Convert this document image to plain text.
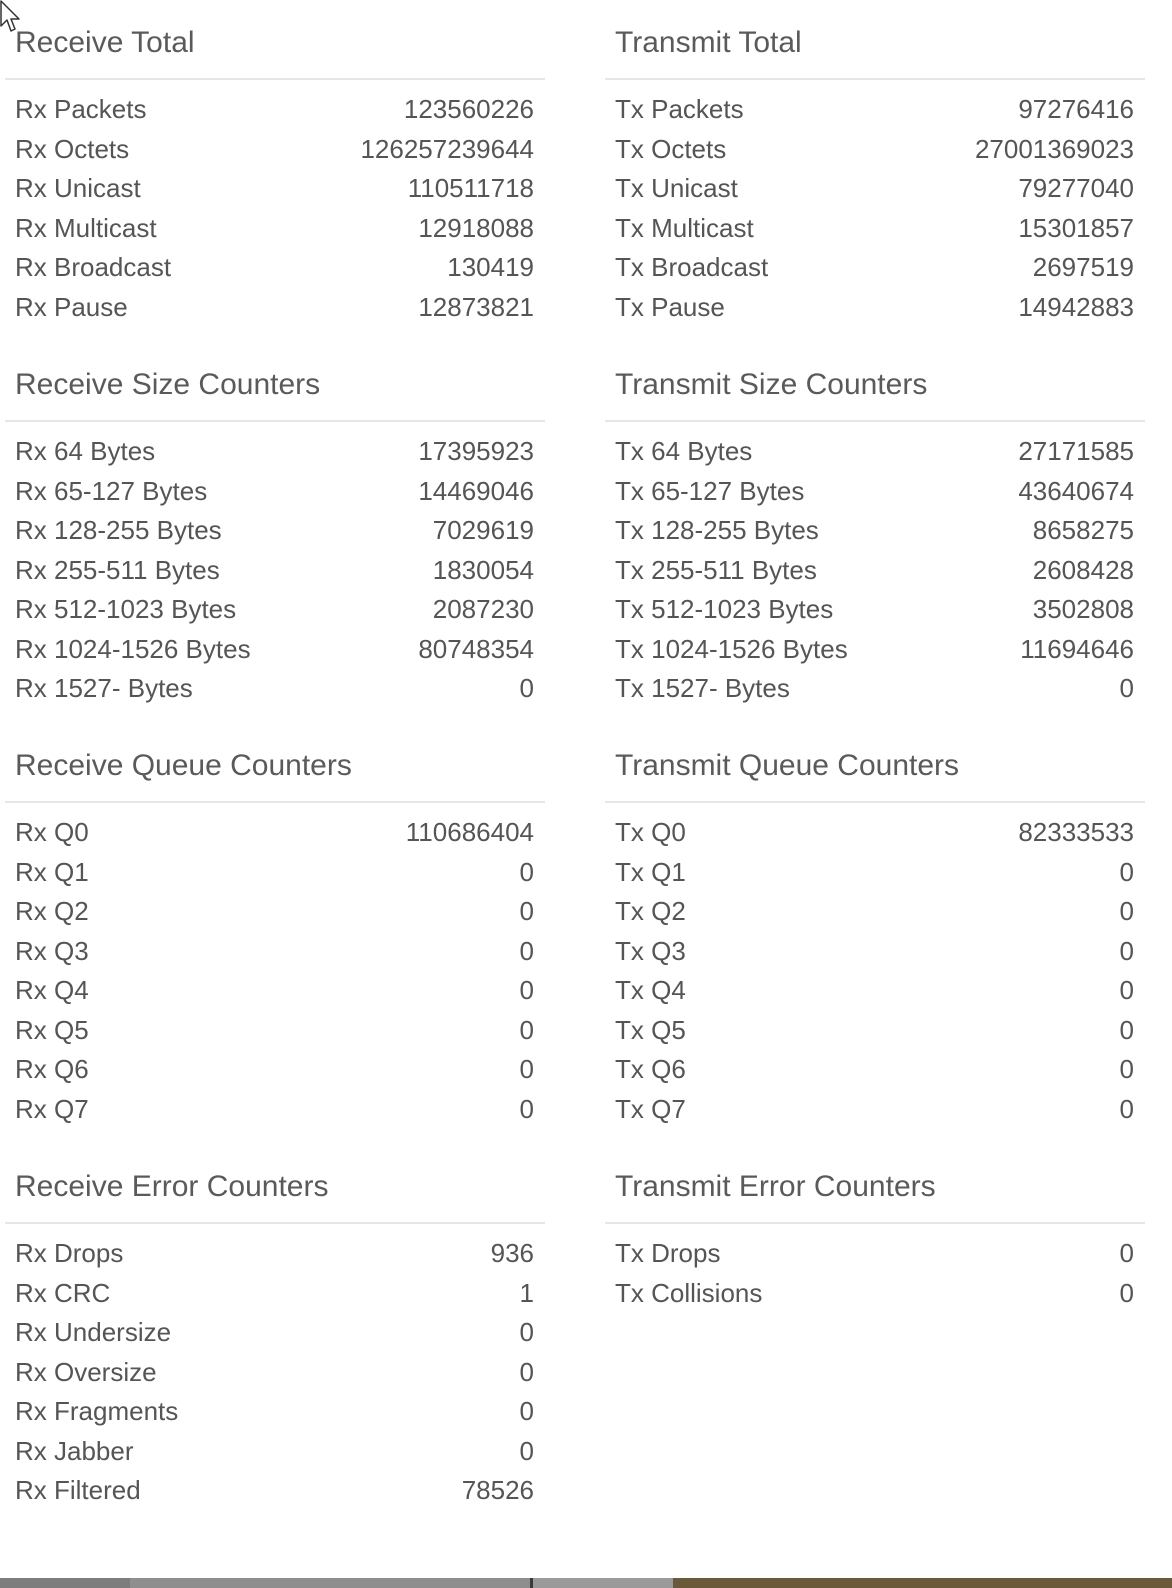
Receive Total
Rx Packets	123560226
Rx Octets	126257239644
Rx Unicast	110511718
Rx Multicast	12918088
Rx Broadcast	130419
Rx Pause	12873821
Receive Size Counters
Rx 64 Bytes	17395923
Rx 65-127 Bytes	14469046
Rx 128-255 Bytes	7029619
Rx 255-511 Bytes	1830054
Rx 512-1023 Bytes	2087230
Rx 1024-1526 Bytes	80748354
Rx 1527- Bytes	0
Receive Queue Counters
Rx Q0	110686404
Rx Q1	0
Rx Q2	0
Rx Q3	0
Rx Q4	0
Rx Q5	0
Rx Q6	0
Rx Q7	0
Receive Error Counters
Rx Drops	936
Rx CRC	1
Rx Undersize	0
Rx Oversize	0
Rx Fragments	0
Rx Jabber	0
Rx Filtered	78526
Transmit Total
Tx Packets	97276416
Tx Octets	27001369023
Tx Unicast	79277040
Tx Multicast	15301857
Tx Broadcast	2697519
Tx Pause	14942883
Transmit Size Counters
Tx 64 Bytes	27171585
Tx 65-127 Bytes	43640674
Tx 128-255 Bytes	8658275
Tx 255-511 Bytes	2608428
Tx 512-1023 Bytes	3502808
Tx 1024-1526 Bytes	11694646
Tx 1527- Bytes	0
Transmit Queue Counters
Tx Q0	82333533
Tx Q1	0
Tx Q2	0
Tx Q3	0
Tx Q4	0
Tx Q5	0
Tx Q6	0
Tx Q7	0
Transmit Error Counters
Tx Drops	0
Tx Collisions	0
